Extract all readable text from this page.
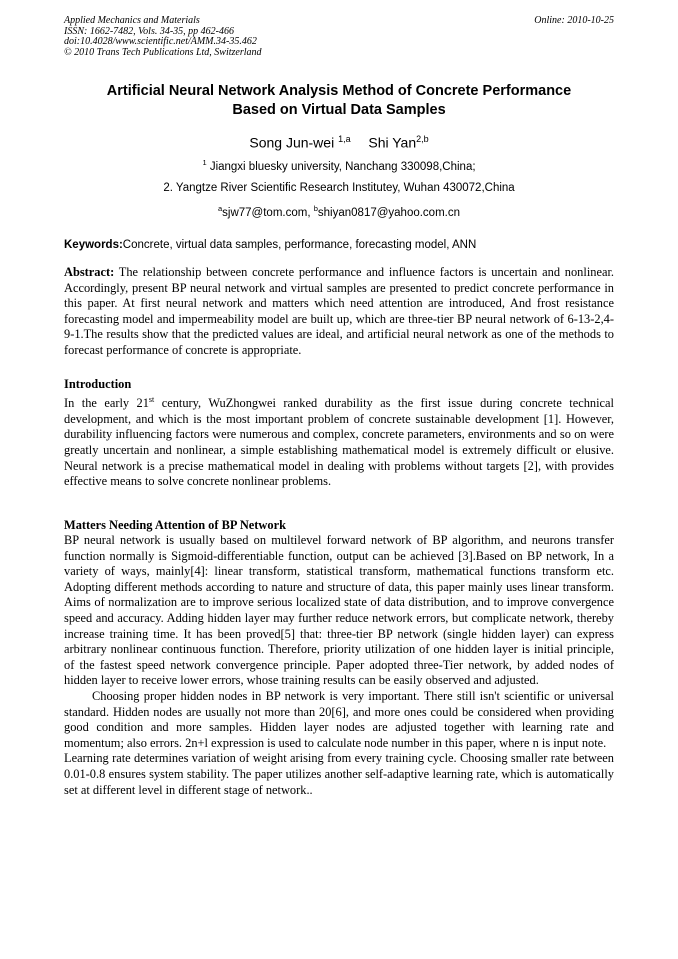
Applied Mechanics and Materials
ISSN: 1662-7482, Vols. 34-35, pp 462-466
doi:10.4028/www.scientific.net/AMM.34-35.462
© 2010 Trans Tech Publications Ltd, Switzerland
Online: 2010-10-25
Artificial Neural Network Analysis Method of Concrete Performance
Based on Virtual Data Samples
Song Jun-wei $^{1,a}$ Shi Yan$^{2,b}$
$^1$ Jiangxi bluesky university, Nanchang 330098,China;
2. Yangtze River Scientific Research Institutey, Wuhan 430072,China
$^a$sjw77@tom.com, $^b$shiyan0817@yahoo.com.cn
Keywords:Concrete, virtual data samples, performance, forecasting model, ANN
Abstract: The relationship between concrete performance and influence factors is uncertain and nonlinear. Accordingly, present BP neural network and virtual samples are presented to predict concrete performance in this paper. At first neural network and matters which need attention are introduced, And frost resistance forecasting model and impermeability model are built up, which are three-tier BP neural network of 6-13-2,4-9-1.The results show that the predicted values are ideal, and artificial neural network as one of the methods to forecast performance of concrete is appropriate.
Introduction
In the early 21st century, WuZhongwei ranked durability as the first issue during concrete technical development, and which is the most important problem of concrete sustainable development [1]. However, durability influencing factors were numerous and complex, concrete parameters, environments and so on were greatly uncertain and nonlinear, a simple establishing mathematical model is extremely difficult or elusive. Neural network is a precise mathematical model in dealing with problems without targets [2], with provides effective means to solve concrete nonlinear problems.
Matters Needing Attention of BP Network
BP neural network is usually based on multilevel forward network of BP algorithm, and neurons transfer function normally is Sigmoid-differentiable function, output can be achieved [3].Based on BP network, In a variety of ways, mainly[4]: linear transform, statistical transform, mathematical functions transform etc. Adopting different methods according to nature and structure of data, this paper mainly uses linear transform. Aims of normalization are to improve serious localized state of data distribution, and to improve convergence speed and accuracy. Adding hidden layer may further reduce network errors, but complicate network, thereby increase training time. It has been proved[5] that: three-tier BP network (single hidden layer) can express arbitrary nonlinear continuous function. Therefore, priority utilization of one hidden layer is initial principle, of the fastest speed network convergence principle. Paper adopted three-Tier network, by added nodes of hidden layer to receive lower errors, whose training results can be easily observed and adjusted.
Choosing proper hidden nodes in BP network is very important. There still isn't scientific or universal standard. Hidden nodes are usually not more than 20[6], and more ones could be considered when providing good condition and more samples. Hidden layer nodes are adjusted together with learning rate and momentum; also errors. 2n+l expression is used to calculate node number in this paper, where n is input note.
Learning rate determines variation of weight arising from every training cycle. Choosing smaller rate between 0.01-0.8 ensures system stability. The paper utilizes another self-adaptive learning rate, which is automatically set at different level in different stage of network..
